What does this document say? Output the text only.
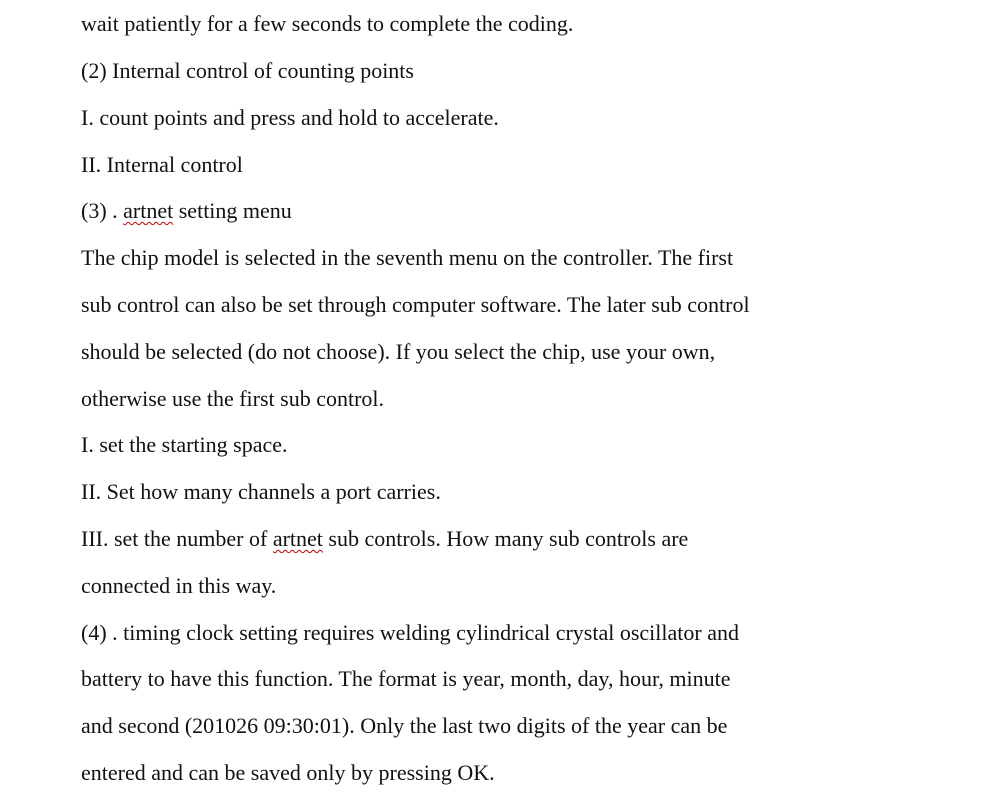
wait patiently for a few seconds to complete the coding.
(2) Internal control of counting points
I. count points and press and hold to accelerate.
II. Internal control
(3) . artnet setting menu
The chip model is selected in the seventh menu on the controller. The first
sub control can also be set through computer software. The later sub control
should be selected (do not choose). If you select the chip, use your own,
otherwise use the first sub control.
I. set the starting space.
II. Set how many channels a port carries.
III. set the number of artnet sub controls. How many sub controls are
connected in this way.
(4) . timing clock setting requires welding cylindrical crystal oscillator and
battery to have this function. The format is year, month, day, hour, minute
and second (201026 09:30:01). Only the last two digits of the year can be
entered and can be saved only by pressing OK.
